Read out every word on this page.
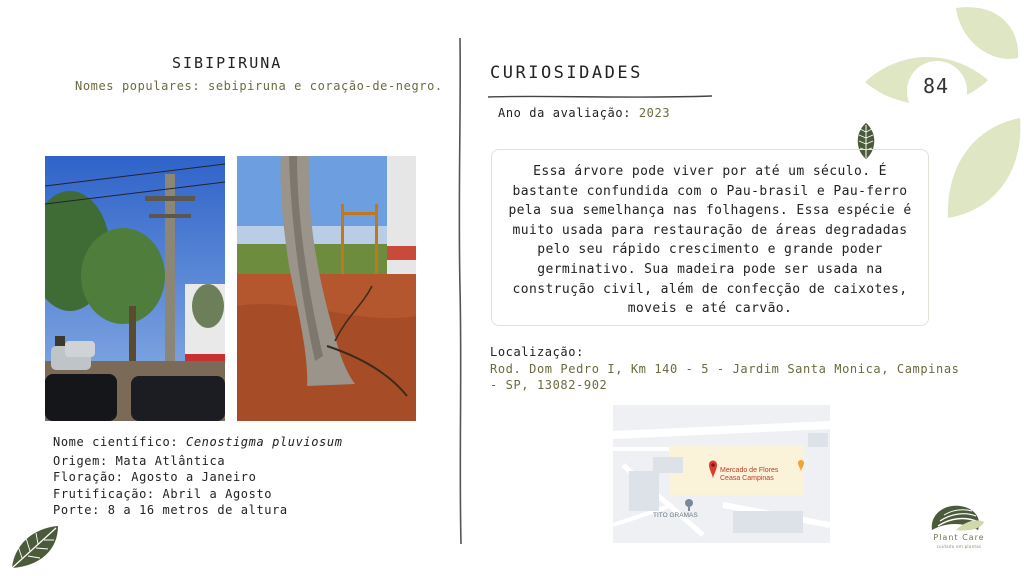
84
SIBIPIRUNA
Nomes populares: sebipiruna e coração-de-negro.
Nome científico: Cenostigma pluviosum
Origem: Mata Atlântica
Floração: Agosto a Janeiro
Frutificação: Abril a Agosto
Porte: 8 a 16 metros de altura
CURIOSIDADES
Ano da avaliação: 2023
Essa árvore pode viver por até um século. É bastante confundida com o Pau-brasil e Pau-ferro pela sua semelhança nas folhagens. Essa espécie é muito usada para restauração de áreas degradadas pelo seu rápido crescimento e grande poder germinativo. Sua madeira pode ser usada na construção civil, além de confecção de caixotes, moveis e até carvão.
Localização:
Rod. Dom Pedro I, Km 140 - 5 - Jardim Santa Monica, Campinas - SP, 13082-902
Mercado de Flores
Ceasa Campinas
TITO GRAMAS
Plant Care
cuidado em plantas
